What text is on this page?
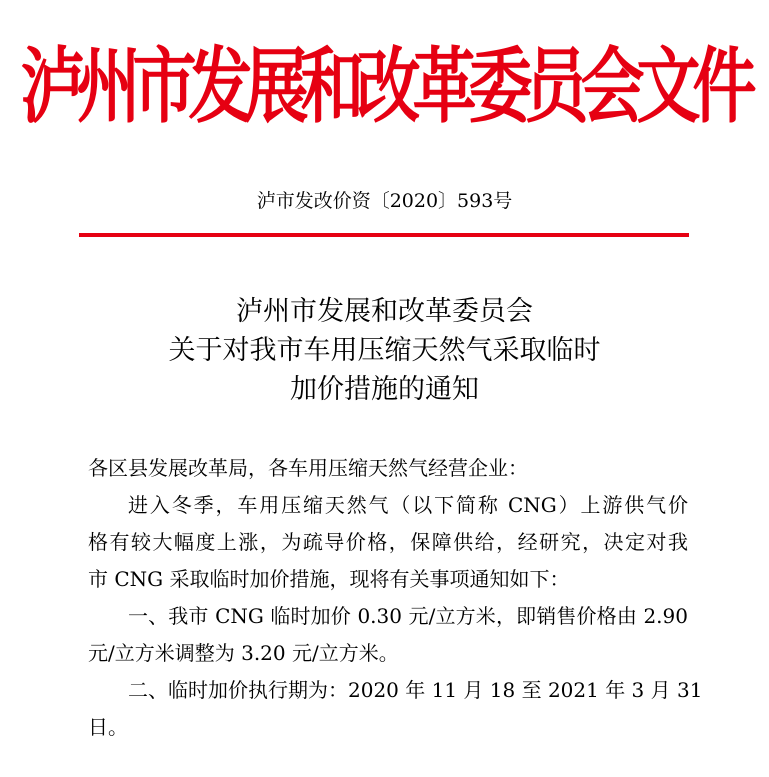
泸州市发展和改革委员会文件
泸市发改价资〔2020〕593号
泸州市发展和改革委员会
关于对我市车用压缩天然气采取临时
加价措施的通知
各区县发展改革局，各车用压缩天然气经营企业：
进入冬季，车用压缩天然气（以下简称 CNG）上游供气价
格有较大幅度上涨，为疏导价格，保障供给，经研究，决定对我
市 CNG 采取临时加价措施，现将有关事项通知如下：
一、我市 CNG 临时加价 0.30 元/立方米，即销售价格由 2.90
元/立方米调整为 3.20 元/立方米。
二、临时加价执行期为：2020 年 11 月 18 至 2021 年 3 月 31
日。
